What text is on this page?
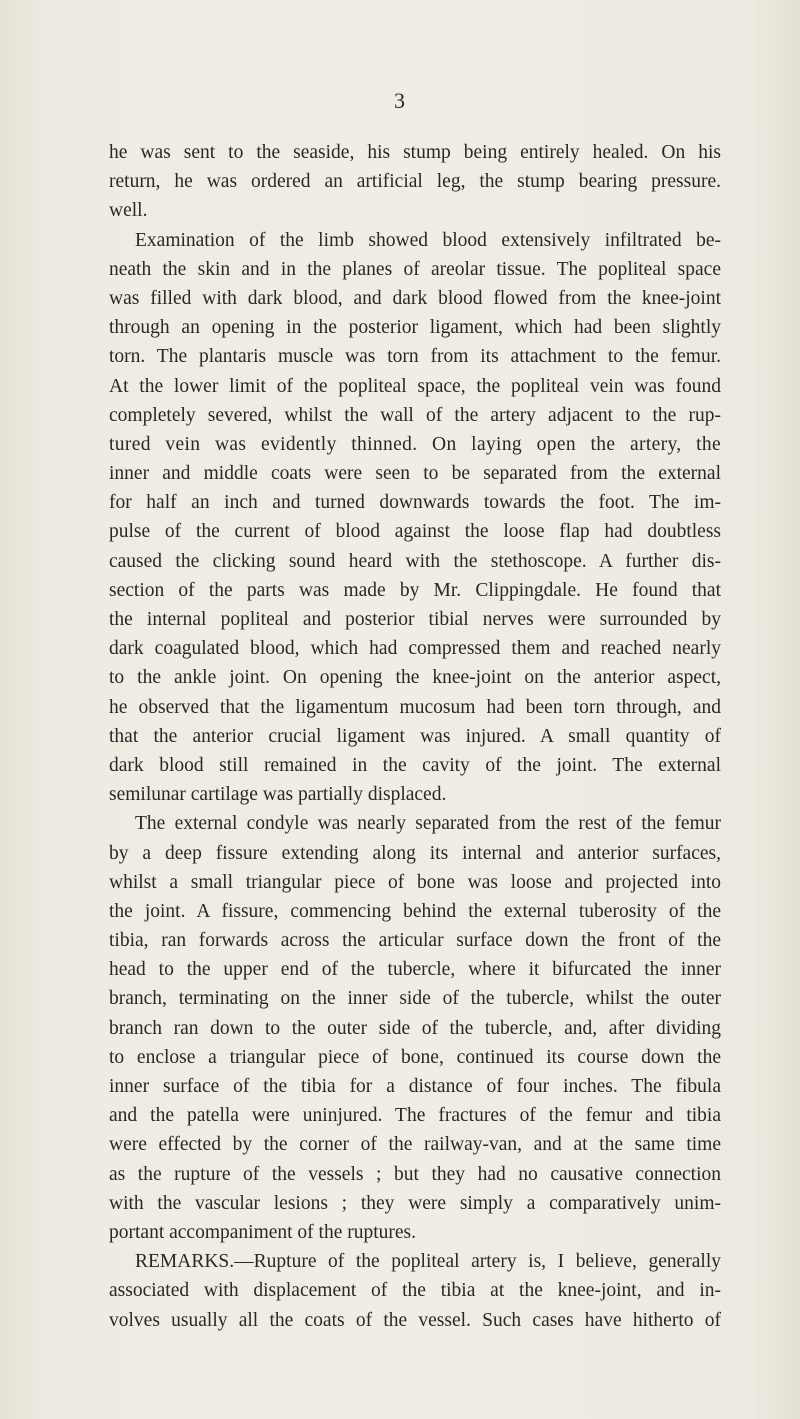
3
he was sent to the seaside, his stump being entirely healed. On his
return, he was ordered an artificial leg, the stump bearing pressure.
well.
Examination of the limb showed blood extensively infiltrated be-
neath the skin and in the planes of areolar tissue. The popliteal space
was filled with dark blood, and dark blood flowed from the knee-joint
through an opening in the posterior ligament, which had been slightly
torn. The plantaris muscle was torn from its attachment to the femur.
At the lower limit of the popliteal space, the popliteal vein was found
completely severed, whilst the wall of the artery adjacent to the rup-
tured vein was evidently thinned. On laying open the artery, the
inner and middle coats were seen to be separated from the external
for half an inch and turned downwards towards the foot. The im-
pulse of the current of blood against the loose flap had doubtless
caused the clicking sound heard with the stethoscope. A further dis-
section of the parts was made by Mr. Clippingdale. He found that
the internal popliteal and posterior tibial nerves were surrounded by
dark coagulated blood, which had compressed them and reached nearly
to the ankle joint. On opening the knee-joint on the anterior aspect,
he observed that the ligamentum mucosum had been torn through, and
that the anterior crucial ligament was injured. A small quantity of
dark blood still remained in the cavity of the joint. The external
semilunar cartilage was partially displaced.
The external condyle was nearly separated from the rest of the femur
by a deep fissure extending along its internal and anterior surfaces,
whilst a small triangular piece of bone was loose and projected into
the joint. A fissure, commencing behind the external tuberosity of the
tibia, ran forwards across the articular surface down the front of the
head to the upper end of the tubercle, where it bifurcated the inner
branch, terminating on the inner side of the tubercle, whilst the outer
branch ran down to the outer side of the tubercle, and, after dividing
to enclose a triangular piece of bone, continued its course down the
inner surface of the tibia for a distance of four inches. The fibula
and the patella were uninjured. The fractures of the femur and tibia
were effected by the corner of the railway-van, and at the same time
as the rupture of the vessels ; but they had no causative connection
with the vascular lesions ; they were simply a comparatively unim-
portant accompaniment of the ruptures.
REMARKS.—Rupture of the popliteal artery is, I believe, generally
associated with displacement of the tibia at the knee-joint, and in-
volves usually all the coats of the vessel. Such cases have hitherto of
